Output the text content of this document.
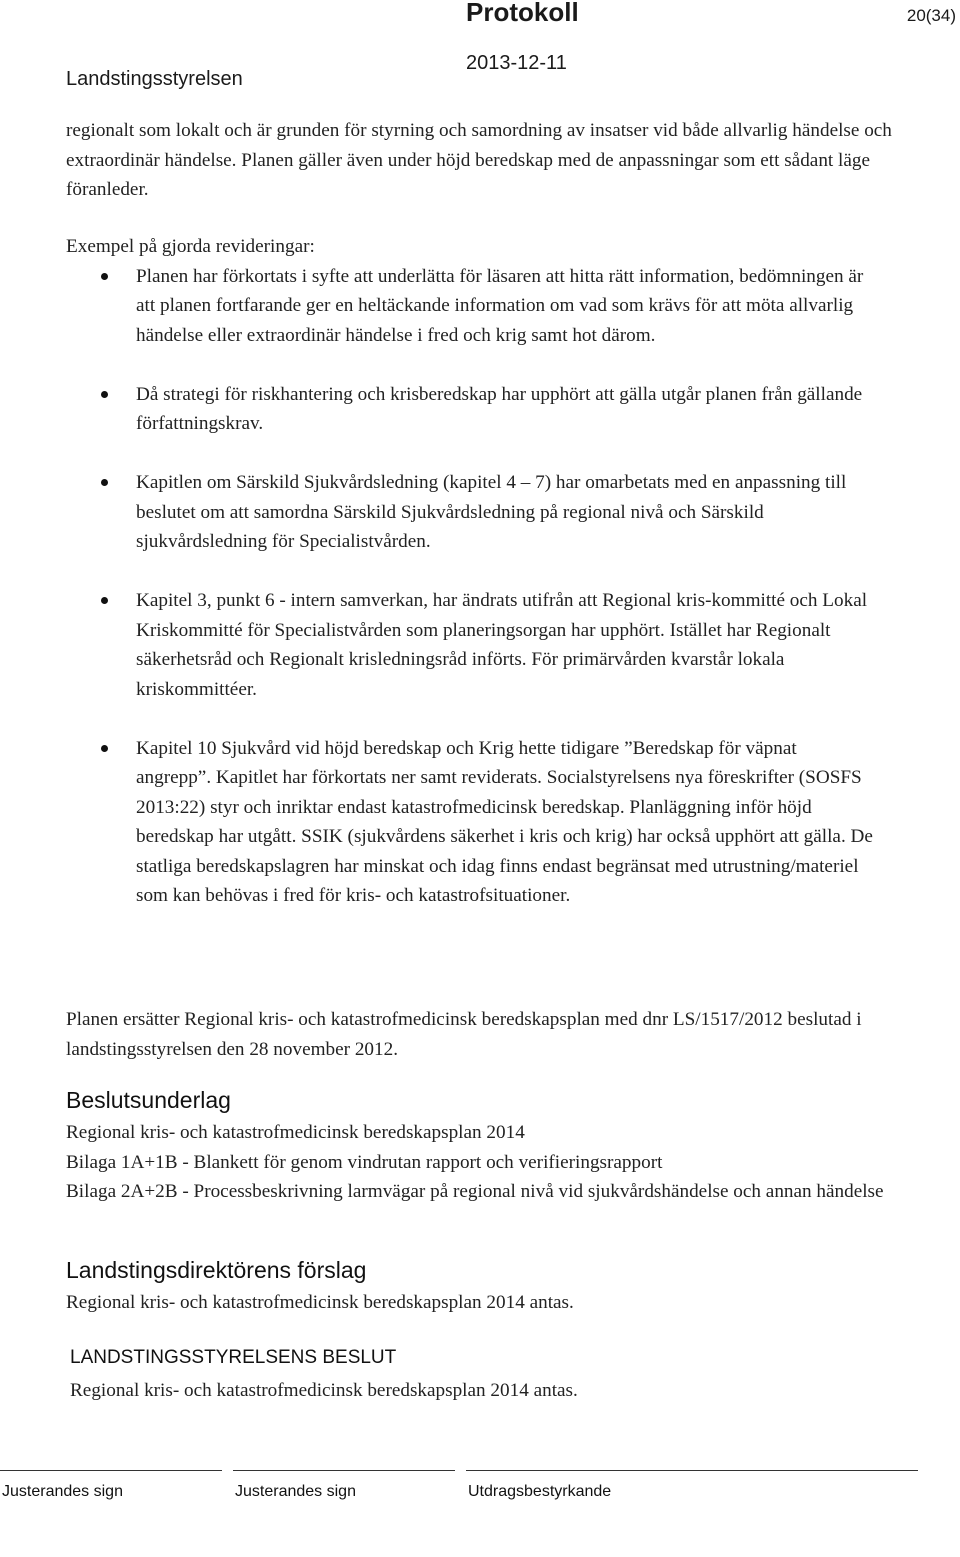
Protokoll	20(34)
Landstingsstyrelsen
2013-12-11

regionalt som lokalt och är grunden för styrning och samordning av insatser vid både allvarlig händelse och extraordinär händelse. Planen gäller även under höjd beredskap med de anpassningar som ett sådant läge föranleder.

Exempel på gjorda revideringar:

Planen har förkortats i syfte att underlätta för läsaren att hitta rätt information, bedömningen är att planen fortfarande ger en heltäckande information om vad som krävs för att möta allvarlig händelse eller extraordinär händelse i fred och krig samt hot därom.
Då strategi för riskhantering och krisberedskap har upphört att gälla utgår planen från gällande författningskrav.
Kapitlen om Särskild Sjukvårdsledning (kapitel 4 – 7) har omarbetats med en anpassning till beslutet om att samordna Särskild Sjukvårdsledning på regional nivå och Särskild sjukvårdsledning för Specialistvården.
Kapitel 3, punkt 6 - intern samverkan, har ändrats utifrån att Regional kris-kommitté och Lokal Kriskommitté för Specialistvården som planeringsorgan har upphört. Istället har Regionalt säkerhetsråd och Regionalt krisledningsråd införts. För primärvården kvarstår lokala kriskommittéer.
Kapitel 10 Sjukvård vid höjd beredskap och Krig hette tidigare ”Beredskap för väpnat angrepp”. Kapitlet har förkortats ner samt reviderats. Socialstyrelsens nya föreskrifter (SOSFS 2013:22) styr och inriktar endast katastrofmedicinsk beredskap. Planläggning inför höjd beredskap har utgått. SSIK (sjukvårdens säkerhet i kris och krig) har också upphört att gälla. De statliga beredskapslagren har minskat och idag finns endast begränsat med utrustning/materiel som kan behövas i fred för kris- och katastrofsituationer.

Planen ersätter Regional kris- och katastrofmedicinsk beredskapsplan med dnr LS/1517/2012 beslutad i landstingsstyrelsen den 28 november 2012.

Beslutsunderlag

Regional kris- och katastrofmedicinsk beredskapsplan 2014

Bilaga 1A+1B - Blankett för genom vindrutan rapport och verifieringsrapport

Bilaga 2A+2B - Processbeskrivning larmvägar på regional nivå vid sjukvårdshändelse och annan händelse

Landstingsdirektörens förslag

Regional kris- och katastrofmedicinsk beredskapsplan 2014 antas.

LANDSTINGSSTYRELSENS BESLUT
Regional kris- och katastrofmedicinsk beredskapsplan 2014 antas.
Justerandes sign	Justerandes sign	Utdragsbestyrkande
